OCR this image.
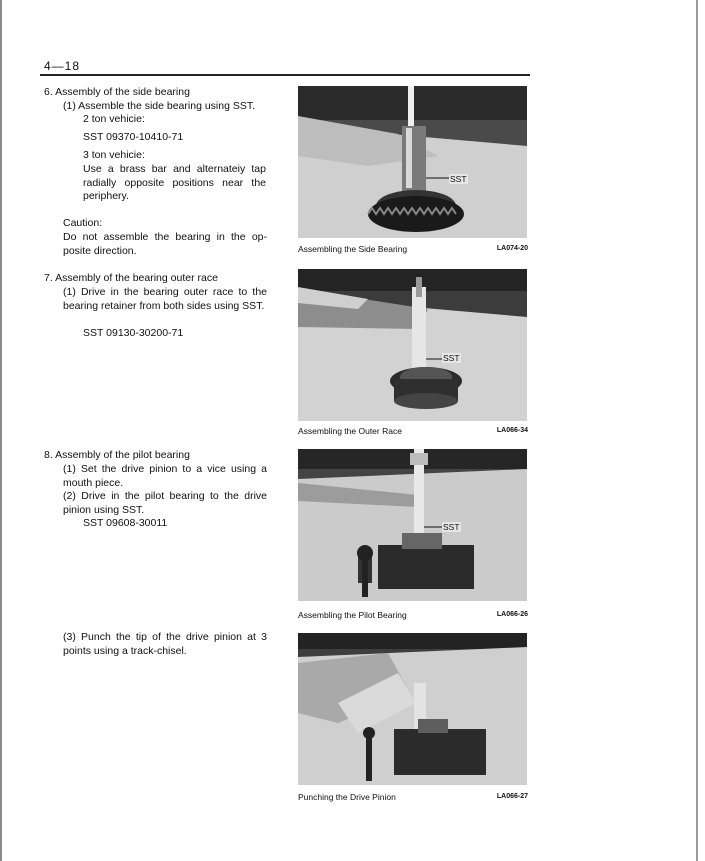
4—18
6. Assembly of the side bearing
(1) Assemble the side bearing using SST.
2 ton vehicie:
SST 09370-10410-71
3 ton vehicie:
Use a brass bar and alternateiy tap radially opposite positions near the periphery.
Caution:
Do not assemble the bearing in the op-posite direction.
7. Assembly of the bearing outer race
(1) Drive in the bearing outer race to the bearing retainer from both sides using SST.
SST 09130-30200-71
8. Assembly of the pilot bearing
(1) Set the drive pinion to a vice using a mouth piece.
(2) Drive in the pilot bearing to the drive pinion using SST.
SST 09608-30011
(3) Punch the tip of the drive pinion at 3 points using a track-chisel.
SST
Assembling the Side Bearing	LA074-20
SST
Assembling the Outer Race	LA066-34
SST
Assembling the Pilot Bearing	LA066-26
Punching the Drive Pinion	LA066-27
